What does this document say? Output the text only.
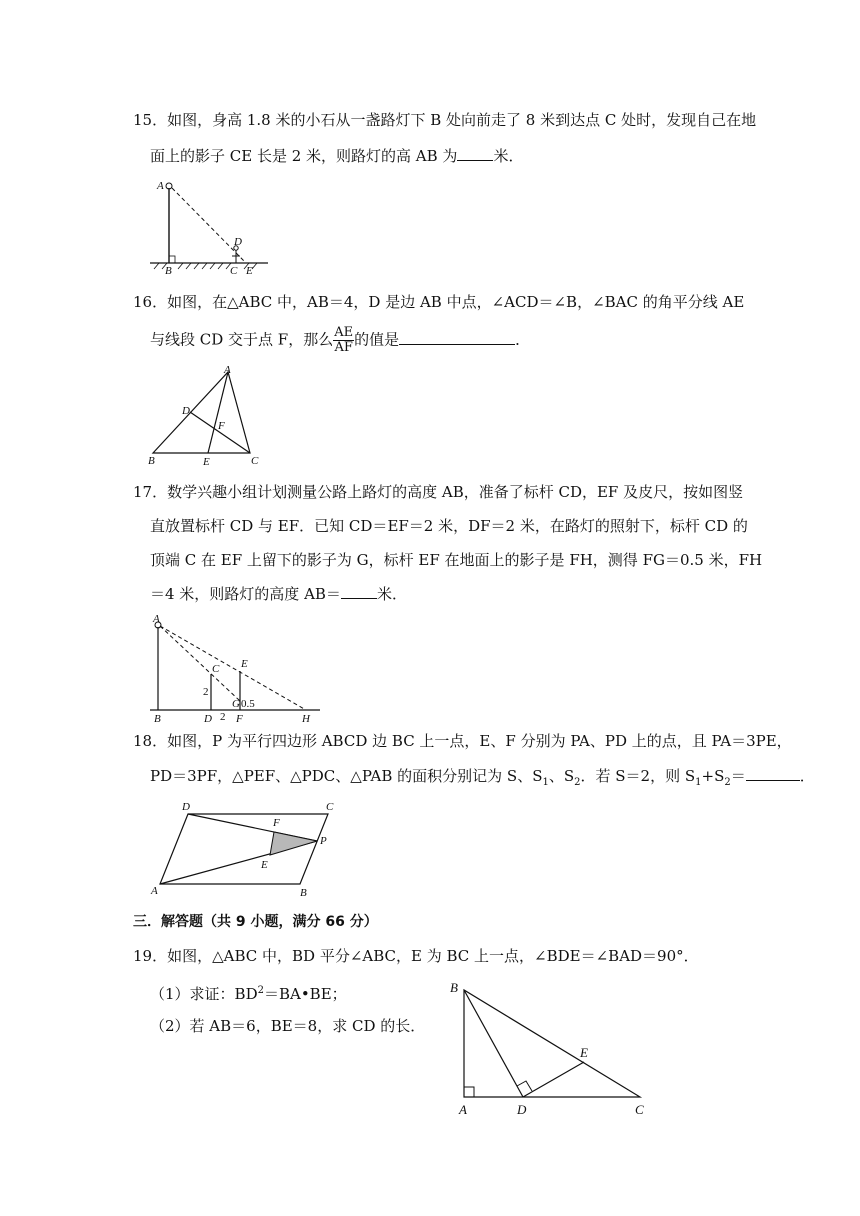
15．如图，身高 1.8 米的小石从一盏路灯下 B 处向前走了 8 米到达点 C 处时，发现自己在地
面上的影子 CE 长是 2 米，则路灯的高 AB 为 米．
A
B
D
C E
16．如图，在△ABC 中，AB＝4，D 是边 AB 中点，∠ACD＝∠B，∠BAC 的角平分线 AE
与线段 CD 交于点 F，那么 $\frac{AE}{AF}$ 的值是	．
A
D
F
B	E	C
17．数学兴趣小组计划测量公路上路灯的高度 AB，准备了标杆 CD，EF 及皮尺，按如图竖
直放置标杆 CD 与 EF．已知 CD＝EF＝2 米，DF＝2 米，在路灯的照射下，标杆 CD 的
顶端 C 在 EF 上留下的影子为 G，标杆 EF 在地面上的影子是 FH，测得 FG＝0.5 米，FH
＝4 米，则路灯的高度 AB＝ 米．
A
C E
2
G 0.5
B	D 2 F	H
18．如图，P 为平行四边形 ABCD 边 BC 上一点，E、F 分别为 PA、PD 上的点，且 PA＝3PE，
PD＝3PF，△PEF、△PDC、△PAB 的面积分别记为 S、$S_1$、$S_2$．若 S＝2，则 $S_1+S_2=$	．
D	C
F
P
E
A	B
三．解答题（共 9 小题，满分 66 分）
19．如图，△ABC 中，BD 平分∠ABC，E 为 BC 上一点，∠BDE＝∠BAD＝90°．
（1）求证：$BD^2=BA•BE$；
（2）若 AB＝6，BE＝8，求 CD 的长．
B
E
A	D	C
